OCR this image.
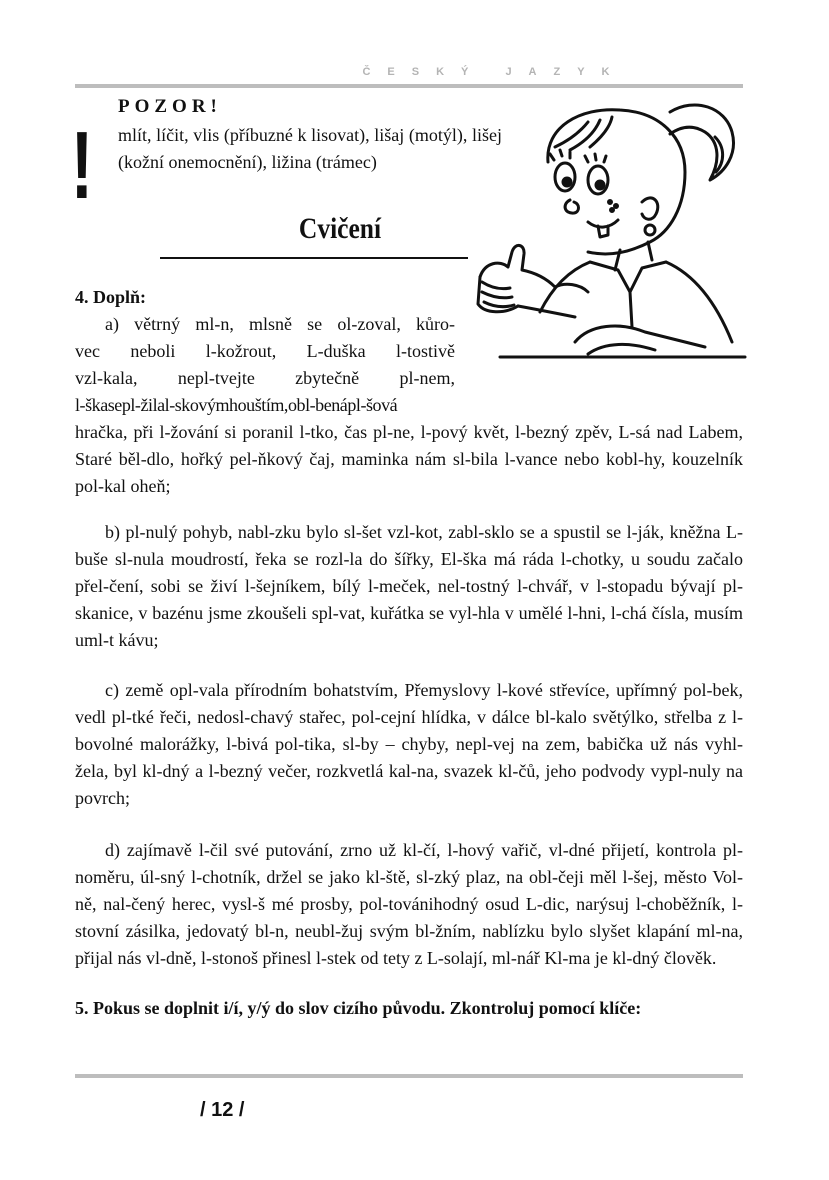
ČESKÝ JAZYK
!
POZOR!
mlít, líčit, vlis (příbuzné k lisovat), lišaj (motýl), lišej (kožní onemocnění), ližina (trámec)
Cvičení
4. Doplň:
a) větrný ml-n, mlsně se ol-zoval, kůro-
vec neboli l-kožrout, L-duška l-tostivě
vzl-kala, nepl-tvejte zbytečně pl-nem,
l-škasepl-žilal-skovýmhouštím,obl-benápl-šová
hračka, při l-žování si poranil l-tko, čas pl-ne, l-pový květ, l-bezný zpěv, L-sá nad Labem, Staré běl-dlo, hořký pel-ňkový čaj, maminka nám sl-bila l-vance nebo kobl-hy, kouzelník pol-kal oheň;
b) pl-nulý pohyb, nabl-zku bylo sl-šet vzl-kot, zabl-sklo se a spustil se l-ják, kněžna L-buše sl-nula moudrostí, řeka se rozl-la do šířky, El-ška má ráda l-chotky, u soudu začalo přel-čení, sobi se živí l-šejníkem, bílý l-meček, nel-tostný l-chvář, v l-stopadu bývají pl-skanice, v bazénu jsme zkoušeli spl-vat, kuřátka se vyl-hla v umělé l-hni, l-chá čísla, musím uml-t kávu;
c) země opl-vala přírodním bohatstvím, Přemyslovy l-kové střevíce, upřímný pol-bek, vedl pl-tké řeči, nedosl-chavý stařec, pol-cejní hlídka, v dálce bl-kalo světýlko, střelba z l-bovolné malorážky, l-bivá pol-tika, sl-by – chyby, nepl-vej na zem, babička už nás vyhl-žela, byl kl-dný a l-bezný večer, rozkvetlá kal-na, svazek kl-čů, jeho podvody vypl-nuly na povrch;
d) zajímavě l-čil své putování, zrno už kl-čí, l-hový vařič, vl-dné přijetí, kontrola pl-noměru, úl-sný l-chotník, držel se jako kl-ště, sl-zký plaz, na obl-čeji měl l-šej, město Vol-ně, nal-čený herec, vysl-š mé prosby, pol-továnihodný osud L-dic, narýsuj l-choběžník, l-stovní zásilka, jedovatý bl-n, neubl-žuj svým bl-žním, nablízku bylo slyšet klapání ml-na, přijal nás vl-dně, l-stonoš přinesl l-stek od tety z L-solají, ml-nář Kl-ma je kl-dný člověk.
5. Pokus se doplnit i/í, y/ý do slov cizího původu. Zkontroluj pomocí klíče:
/ 12 /
